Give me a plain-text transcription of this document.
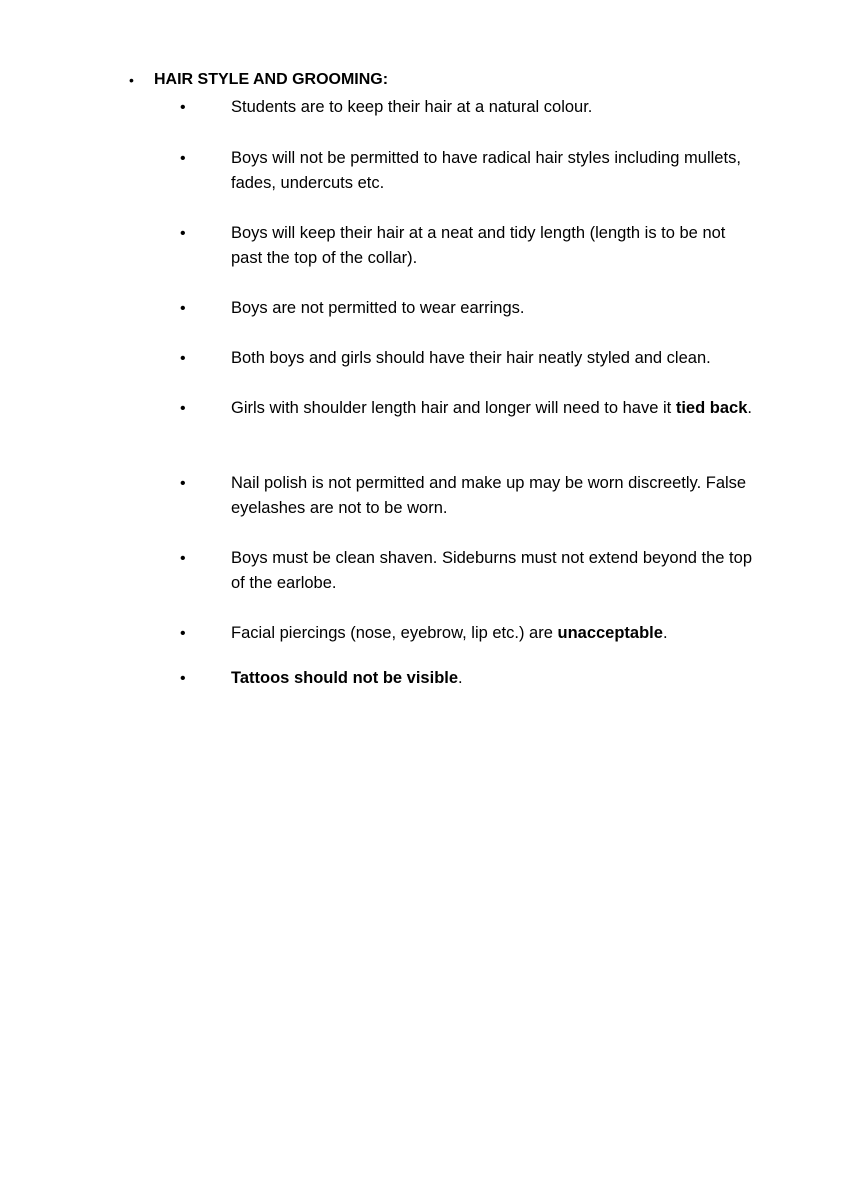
• HAIR STYLE AND GROOMING:
•	Students are to keep their hair at a natural colour.
•	Boys will not be permitted to have radical hair styles including mullets, fades, undercuts etc.
•	Boys will keep their hair at a neat and tidy length (length is to be not past the top of the collar).
•	Boys are not permitted to wear earrings.
•	Both boys and girls should have their hair neatly styled and clean.
•	Girls with shoulder length hair and longer will need to have it tied back.
•	Nail polish is not permitted and make up may be worn discreetly. False eyelashes are not to be worn.
•	Boys must be clean shaven. Sideburns must not extend beyond the top of the earlobe.
•	Facial piercings (nose, eyebrow, lip etc.) are unacceptable.
•	Tattoos should not be visible.
